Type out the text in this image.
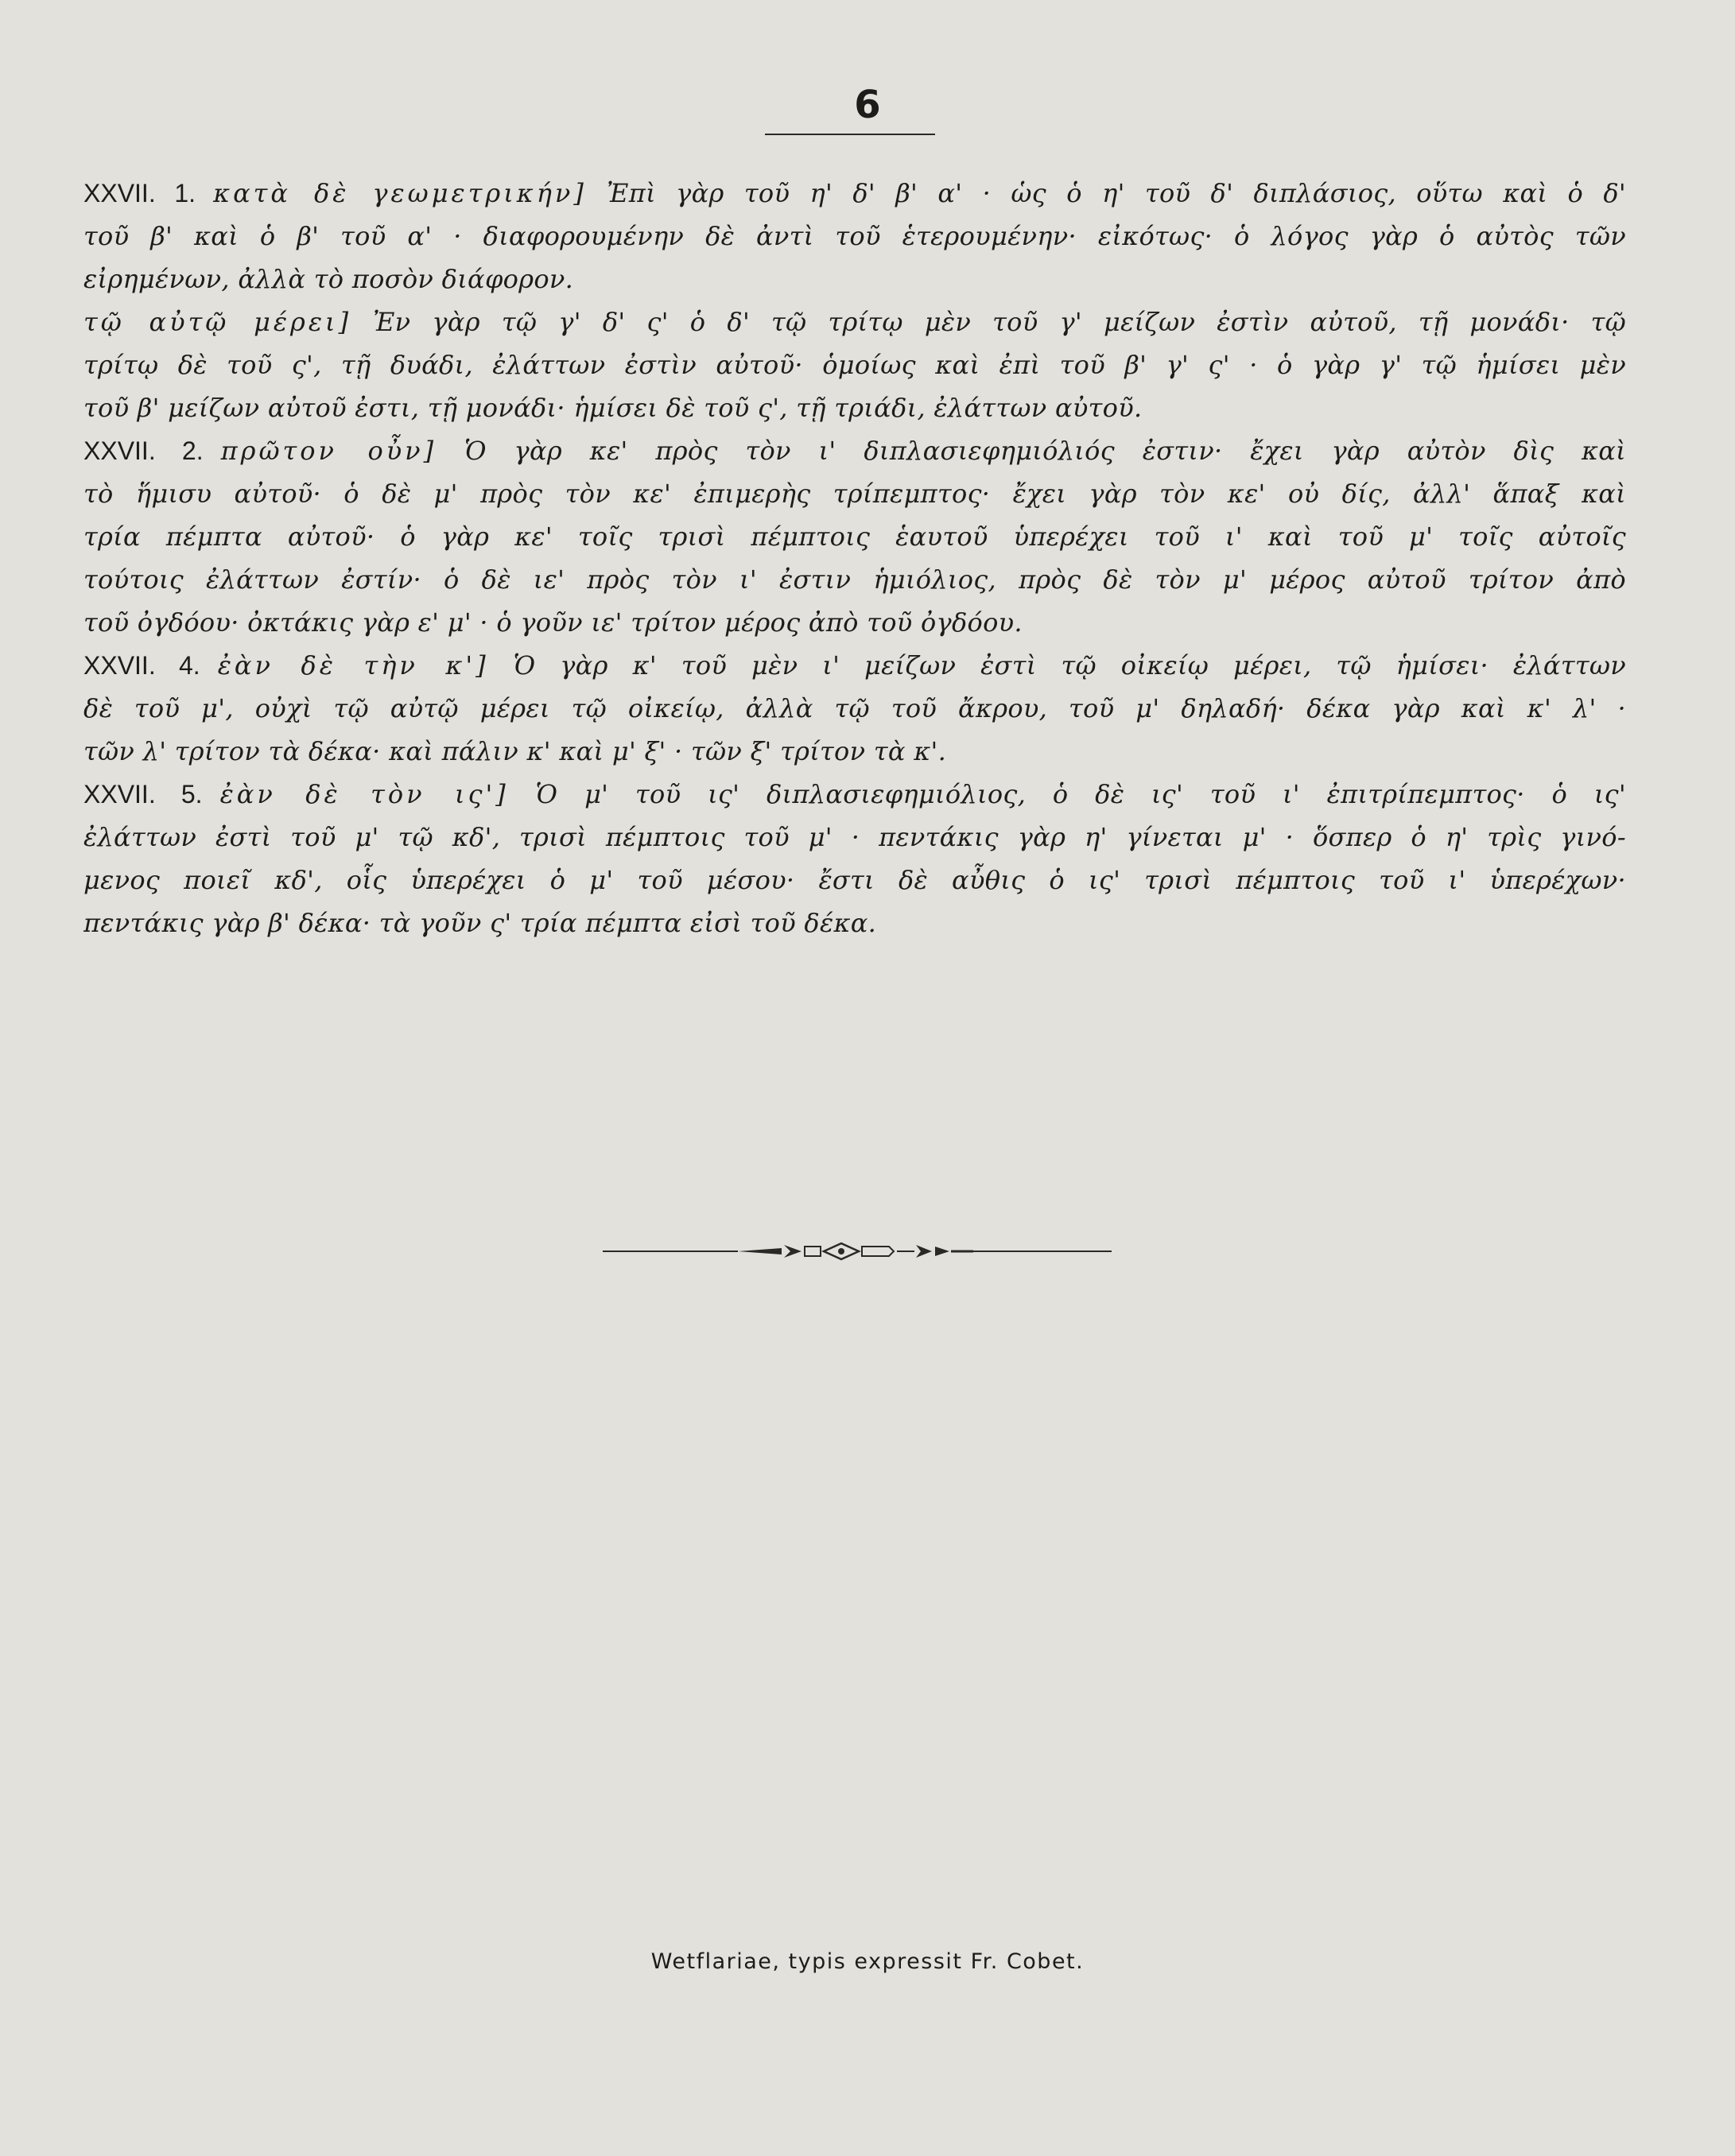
6
XXVII. 1. κατὰ δὲ γεωμετρικήν] Ἐπὶ γὰρ τοῦ η' δ' β' α' · ὡς ὁ η' τοῦ δ' διπλάσιος, οὕτω καὶ ὁ δ'
τοῦ β' καὶ ὁ β' τοῦ α' · διαφορουμένην δὲ ἀντὶ τοῦ ἑτερουμένην· εἰκότως· ὁ λόγος γὰρ ὁ αὐτὸς τῶν
εἰρημένων, ἀλλὰ τὸ ποσὸν διάφορον.
τῷ αὐτῷ μέρει] Ἐν γὰρ τῷ γ' δ' ς' ὁ δ' τῷ τρίτῳ μὲν τοῦ γ' μείζων ἐστὶν αὐτοῦ, τῇ μονάδι· τῷ
τρίτῳ δὲ τοῦ ς', τῇ δυάδι, ἐλάττων ἐστὶν αὐτοῦ· ὁμοίως καὶ ἐπὶ τοῦ β' γ' ς' · ὁ γὰρ γ' τῷ ἡμίσει μὲν
τοῦ β' μείζων αὐτοῦ ἐστι, τῇ μονάδι· ἡμίσει δὲ τοῦ ς', τῇ τριάδι, ἐλάττων αὐτοῦ.
XXVII. 2. πρῶτον οὖν] Ὁ γὰρ κε' πρὸς τὸν ι' διπλασιεφημιόλιός ἐστιν· ἔχει γὰρ αὐτὸν δὶς καὶ
τὸ ἥμισυ αὐτοῦ· ὁ δὲ μ' πρὸς τὸν κε' ἐπιμερὴς τρίπεμπτος· ἔχει γὰρ τὸν κε' οὐ δίς, ἀλλ' ἅπαξ καὶ
τρία πέμπτα αὐτοῦ· ὁ γὰρ κε' τοῖς τρισὶ πέμπτοις ἑαυτοῦ ὑπερέχει τοῦ ι' καὶ τοῦ μ' τοῖς αὐτοῖς
τούτοις ἐλάττων ἐστίν· ὁ δὲ ιε' πρὸς τὸν ι' ἐστιν ἡμιόλιος, πρὸς δὲ τὸν μ' μέρος αὐτοῦ τρίτον ἀπὸ
τοῦ ὀγδόου· ὀκτάκις γὰρ ε' μ' · ὁ γοῦν ιε' τρίτον μέρος ἀπὸ τοῦ ὀγδόου.
XXVII. 4. ἐὰν δὲ τὴν κ'] Ὁ γὰρ κ' τοῦ μὲν ι' μείζων ἐστὶ τῷ οἰκείῳ μέρει, τῷ ἡμίσει· ἐλάττων
δὲ τοῦ μ', οὐχὶ τῷ αὐτῷ μέρει τῷ οἰκείῳ, ἀλλὰ τῷ τοῦ ἄκρου, τοῦ μ' δηλαδή· δέκα γὰρ καὶ κ' λ' ·
τῶν λ' τρίτον τὰ δέκα· καὶ πάλιν κ' καὶ μ' ξ' · τῶν ξ' τρίτον τὰ κ'.
XXVII. 5. ἐὰν δὲ τὸν ις'] Ὁ μ' τοῦ ις' διπλασιεφημιόλιος, ὁ δὲ ις' τοῦ ι' ἐπιτρίπεμπτος· ὁ ις'
ἐλάττων ἐστὶ τοῦ μ' τῷ κδ', τρισὶ πέμπτοις τοῦ μ' · πεντάκις γὰρ η' γίνεται μ' · ὅσπερ ὁ η' τρὶς γινό-
μενος ποιεῖ κδ', οἷς ὑπερέχει ὁ μ' τοῦ μέσου· ἔστι δὲ αὖθις ὁ ις' τρισὶ πέμπτοις τοῦ ι' ὑπερέχων·
πεντάκις γὰρ β' δέκα· τὰ γοῦν ς' τρία πέμπτα εἰσὶ τοῦ δέκα.
Wetflariae, typis expressit Fr. Cobet.
